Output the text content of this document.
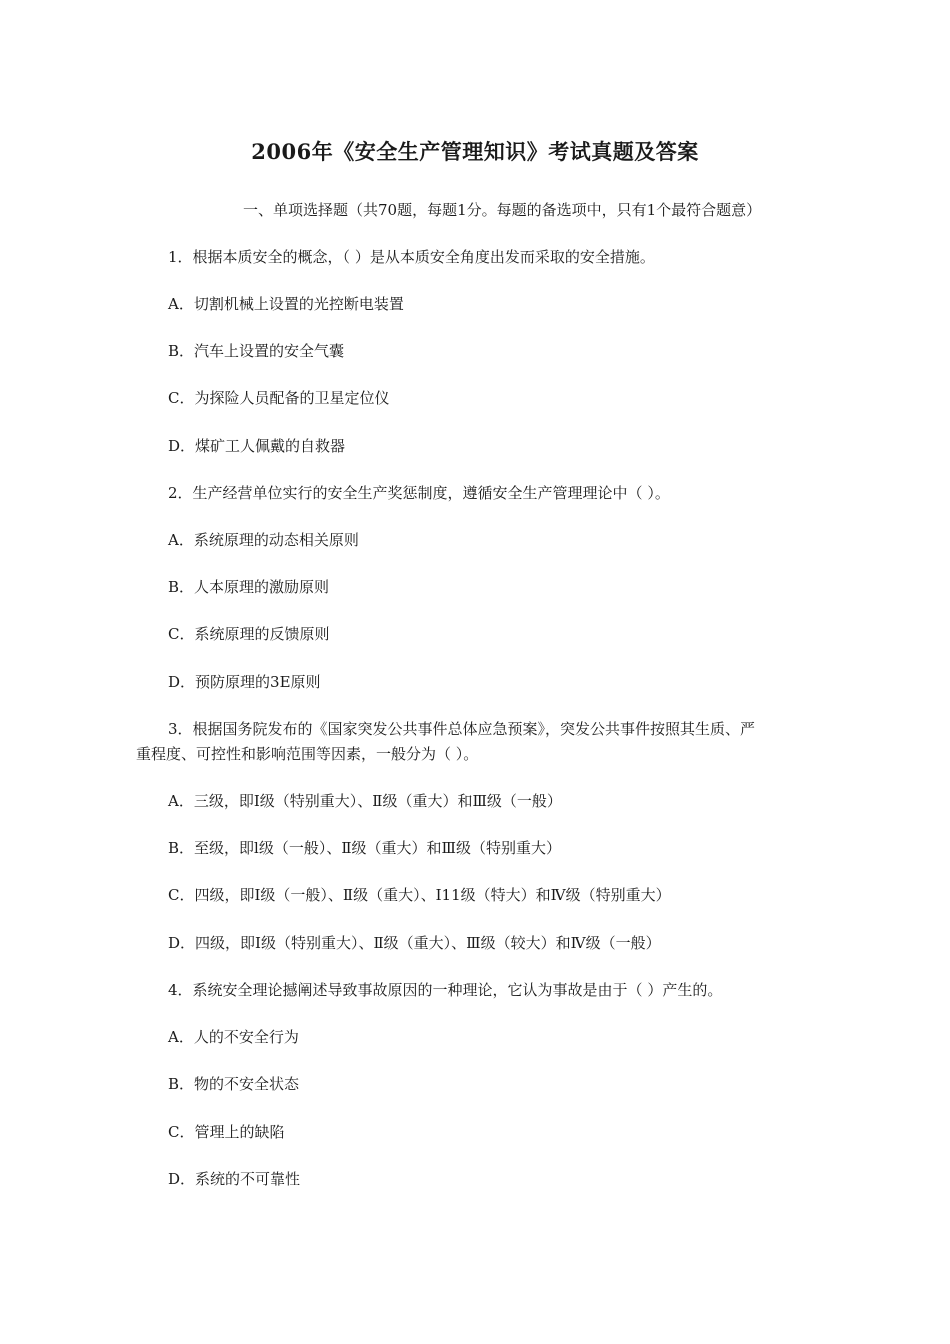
2006年《安全生产管理知识》考试真题及答案
一、单项选择题（共70题，每题1分。每题的备选项中，只有1个最符合题意）
1．根据本质安全的概念，（ ）是从本质安全角度出发而采取的安全措施。
A．切割机械上设置的光控断电装置
B．汽车上设置的安全气囊
C．为探险人员配备的卫星定位仪
D．煤矿工人佩戴的自救器
2．生产经营单位实行的安全生产奖惩制度，遵循安全生产管理理论中（ ）。
A．系统原理的动态相关原则
B．人本原理的激励原则
C．系统原理的反馈原则
D．预防原理的3E原则
3．根据国务院发布的《国家突发公共事件总体应急预案》，突发公共事件按照其生质、严
重程度、可控性和影响范围等因素，一般分为（ ）。
A．三级，即Ⅰ级（特别重大）、Ⅱ级（重大）和Ⅲ级（一般）
B．至级，即l级（一般）、Ⅱ级（重大）和Ⅲ级（特别重大）
C．四级，即Ⅰ级（一般）、Ⅱ级（重大）、I11级（特大）和Ⅳ级（特别重大）
D．四级，即Ⅰ级（特别重大）、Ⅱ级（重大）、Ⅲ级（较大）和Ⅳ级（一般）
4．系统安全理论撼阐述导致事故原因的一种理论，它认为事故是由于（ ）产生的。
A．人的不安全行为
B．物的不安全状态
C．管理上的缺陷
D．系统的不可靠性
